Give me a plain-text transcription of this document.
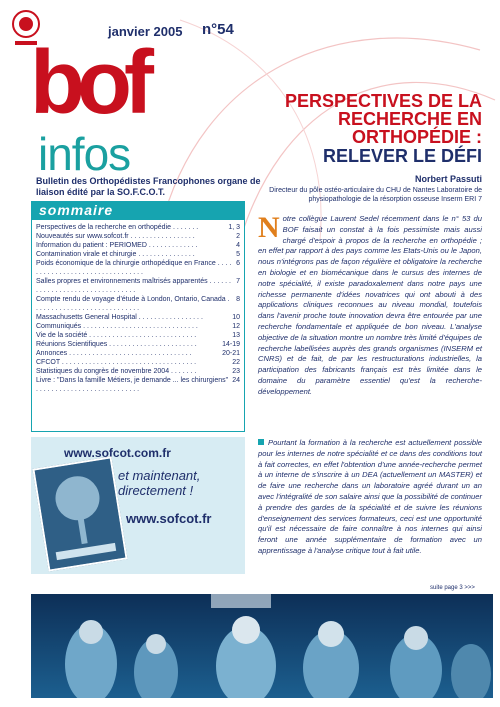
janvier 2005 n°54
bof
infos
Bulletin des Orthopédistes Francophones organe de liaison édité par la SO.F.C.O.T.
PERSPECTIVES DE LA RECHERCHE EN ORTHOPÉDIE :
RELEVER LE DÉFI
Norbert Passuti
Directeur du pôle ostéo-articulaire du CHU de Nantes Laboratoire de physiopathologie de la résorption osseuse Inserm ERI 7
sommaire
Perspectives de la recherche en orthopédie . . . . . . .	1, 3
Nouveautés sur www.sofcot.fr . . . . . . . . . . . . . . . . .	2
Information du patient : PERIOMED . . . . . . . . . . . . .	4
Contamination virale et chirurgie . . . . . . . . . . . . . . .	5
Poids économique de la chirurgie orthopédique en France . . . . . . . . . . . . . . . . . . . . . . . . . . . . . . . .
6
Salles propres et environnements maîtrisés apparentés . . . . . . . . . . . . . . . . . . . . . . . . . . . . . . . .
7
Compte rendu de voyage d'étude à London, Ontario, Canada . . . . . . . . . . . . . . . . . . . . . . . . . . . .
8
Massachusetts General Hospital . . . . . . . . . . . . . . . . .	10
Communiqués . . . . . . . . . . . . . . . . . . . . . . . . . . . . . .	12
Vie de la société . . . . . . . . . . . . . . . . . . . . . . . . . . . .	13
Réunions Scientifiques . . . . . . . . . . . . . . . . . . . . . . .	14-19
Annonces . . . . . . . . . . . . . . . . . . . . . . . . . . . . . . . .	20-21
CFCOT . . . . . . . . . . . . . . . . . . . . . . . . . . . . . . . . . . .	22
Statistiques du congrès de novembre 2004 . . . . . . .	23
Livre : "Dans la famille Métiers, je demande ... les chirurgiens" . . . . . . . . . . . . . . . . . . . . . . . . . . .
24
www.sofcot.com.fr
et maintenant, directement !
www.sofcot.fr
Notre collègue Laurent Sedel récemment dans le n° 53 du BOF faisait un constat à la fois pessimiste mais aussi chargé d'espoir à propos de la recherche en orthopédie ; en effet par rapport à des pays comme les Etats-Unis ou le Japon, nous n'intégrons pas de façon régulière et obligatoire la recherche en biologie et en biomécanique dans le cursus des internes de notre spécialité, il existe paradoxalement dans notre pays une richesse permanente d'idées novatrices qui ont abouti à des applications cliniques reconnues au niveau mondial, toutefois dans l'avenir proche toute innovation devra être entourée par une recherche fondamentale et appliquée de bon niveau. L'analyse objective de la situation montre un nombre très limité d'équipes de recherche labellisées auprès des grands organismes (INSERM et CNRS) et de fait, de par les restructurations industrielles, la participation des fabricants français est très limitée dans le domaine du paramètre essentiel qu'est la recherche-développement.
Pourtant la formation à la recherche est actuellement possible pour les internes de notre spécialité et ce dans des conditions tout à fait correctes, en effet l'obtention d'une année-recherche permet à un interne de s'inscrire à un DEA (actuellement un MASTER) et de faire une recherche dans un laboratoire agréé durant un an avec l'intégralité de son salaire ainsi que la possibilité de continuer à prendre des gardes de la spécialité et de suivre les réunions d'enseignement des services formateurs, ceci est une opportunité qu'il est nécessaire de faire connaître à nos internes qui ainsi feront une année supplémentaire de formation avec un apprentissage à l'analyse critique tout à fait utile.
suite page 3 >>>
